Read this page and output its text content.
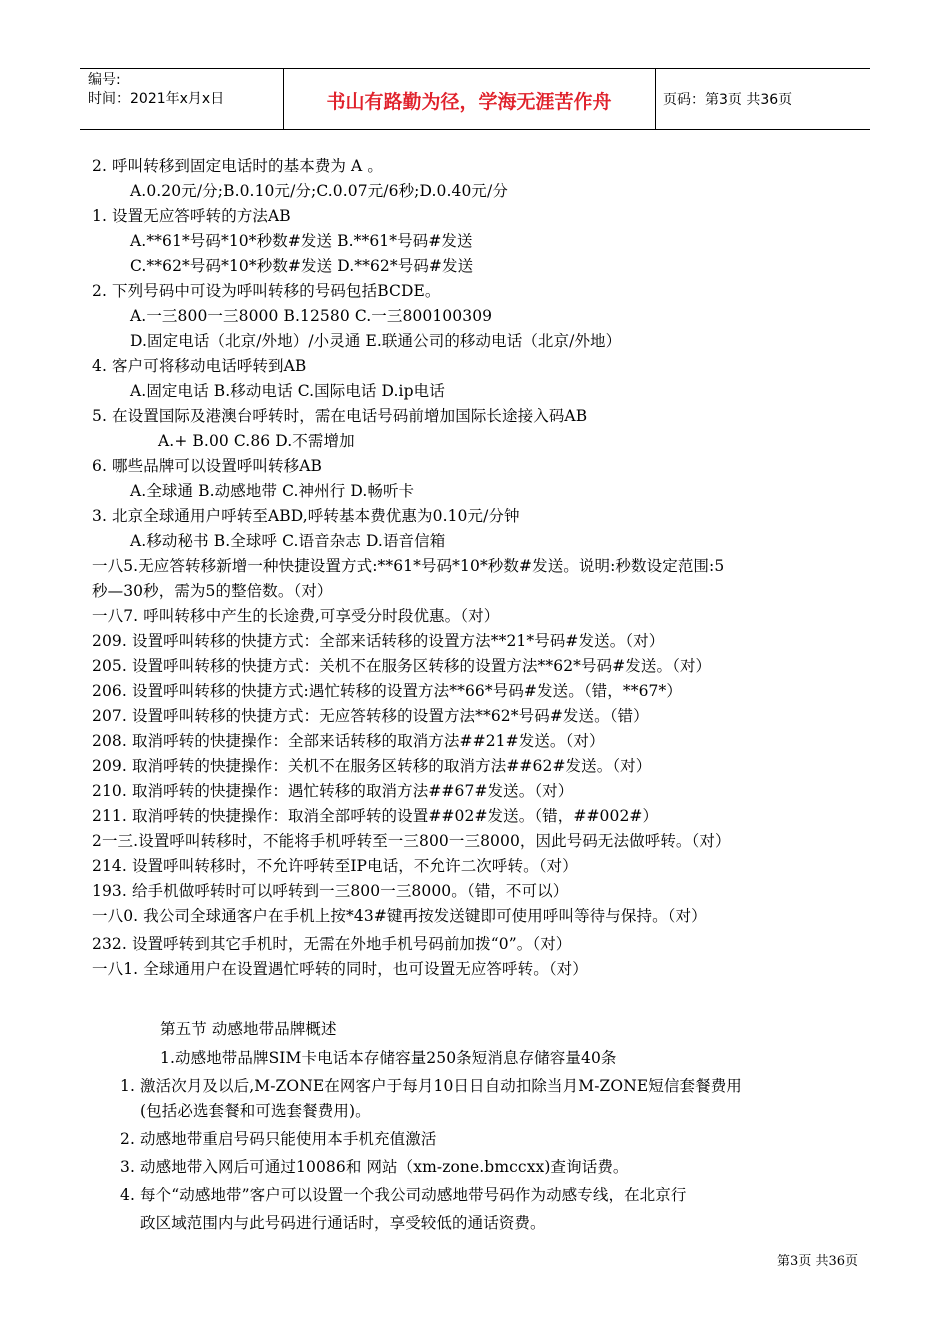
编号:
时间：2021年x月x日	书山有路勤为径，学海无涯苦作舟	页码：第3页 共36页
2. 呼叫转移到固定电话时的基本费为 A 。
A.0.20元/分;B.0.10元/分;C.0.07元/6秒;D.0.40元/分
1. 设置无应答呼转的方法AB
A.**61*号码*10*秒数#发送 B.**61*号码#发送
C.**62*号码*10*秒数#发送 D.**62*号码#发送
2. 下列号码中可设为呼叫转移的号码包括BCDE。
A.一三800一三8000 B.12580 C.一三800100309
D.固定电话（北京/外地）/小灵通 E.联通公司的移动电话（北京/外地）
4. 客户可将移动电话呼转到AB
A.固定电话 B.移动电话 C.国际电话 D.ip电话
5. 在设置国际及港澳台呼转时，需在电话号码前增加国际长途接入码AB
A.+ B.00 C.86 D.不需增加
6. 哪些品牌可以设置呼叫转移AB
A.全球通 B.动感地带 C.神州行 D.畅听卡
3. 北京全球通用户呼转至ABD,呼转基本费优惠为0.10元/分钟
A.移动秘书 B.全球呼 C.语音杂志 D.语音信箱
一八5.无应答转移新增一种快捷设置方式:**61*号码*10*秒数#发送。说明:秒数设定范围:5
秒—30秒，需为5的整倍数。（对）
一八7. 呼叫转移中产生的长途费,可享受分时段优惠。（对）
209. 设置呼叫转移的快捷方式：全部来话转移的设置方法**21*号码#发送。（对）
205. 设置呼叫转移的快捷方式：关机不在服务区转移的设置方法**62*号码#发送。（对）
206. 设置呼叫转移的快捷方式:遇忙转移的设置方法**66*号码#发送。（错，**67*）
207. 设置呼叫转移的快捷方式：无应答转移的设置方法**62*号码#发送。（错）
208. 取消呼转的快捷操作：全部来话转移的取消方法##21#发送。（对）
209. 取消呼转的快捷操作：关机不在服务区转移的取消方法##62#发送。（对）
210. 取消呼转的快捷操作：遇忙转移的取消方法##67#发送。（对）
211. 取消呼转的快捷操作：取消全部呼转的设置##02#发送。（错，##002#）
2一三.设置呼叫转移时，不能将手机呼转至一三800一三8000，因此号码无法做呼转。（对）
214. 设置呼叫转移时，不允许呼转至IP电话，不允许二次呼转。（对）
193. 给手机做呼转时可以呼转到一三800一三8000。（错，不可以）
一八0. 我公司全球通客户在手机上按*43#键再按发送键即可使用呼叫等待与保持。（对）
232. 设置呼转到其它手机时，无需在外地手机号码前加拨“0”。（对）
一八1. 全球通用户在设置遇忙呼转的同时，也可设置无应答呼转。（对）
第五节 动感地带品牌概述
1.动感地带品牌SIM卡电话本存储容量250条短消息存储容量40条
1. 激活次月及以后,M-ZONE在网客户于每月10日日自动扣除当月M-ZONE短信套餐费用
(包括必选套餐和可选套餐费用)。
2. 动感地带重启号码只能使用本手机充值激活
3. 动感地带入网后可通过10086和 网站（xm-zone.bmccxx)查询话费。
4. 每个“动感地带”客户可以设置一个我公司动感地带号码作为动感专线，在北京行
政区域范围内与此号码进行通话时，享受较低的通话资费。
第3页 共36页
